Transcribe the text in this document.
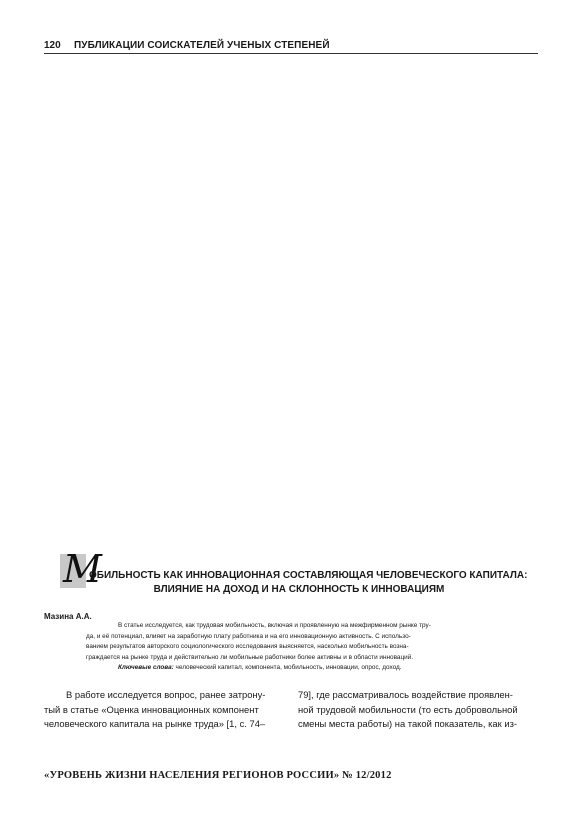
120 ПУБЛИКАЦИИ СОИСКАТЕЛЕЙ УЧЕНЫХ СТЕПЕНЕЙ
М
ОБИЛЬНОСТЬ КАК ИННОВАЦИОННАЯ СОСТАВЛЯЮЩАЯ ЧЕЛОВЕЧЕСКОГО КАПИТАЛА:
ВЛИЯНИЕ НА ДОХОД И НА СКЛОННОСТЬ К ИННОВАЦИЯМ
Мазина А.А.
В статье исследуется, как трудовая мобильность, включая и проявленную на межфирменном рынке тру-
да, и её потенциал, влияет на заработную плату работника и на его инновационную активность. С использо-
ванием результатов авторского социологического исследования выясняется, насколько мобильность возна-
граждается на рынке труда и действительно ли мобильные работники более активны и в области инноваций.
Ключевые слова: человеческий капитал, компонента, мобильность, инновации, опрос, доход.
В работе исследуется вопрос, ранее затрону-
тый в статье «Оценка инновационных компонент
человеческого капитала на рынке труда» [1, с. 74–
79], где рассматривалось воздействие проявлен-
ной трудовой мобильности (то есть добровольной
смены места работы) на такой показатель, как из-
«УРОВЕНЬ ЖИЗНИ НАСЕЛЕНИЯ РЕГИОНОВ РОССИИ» № 12/2012
